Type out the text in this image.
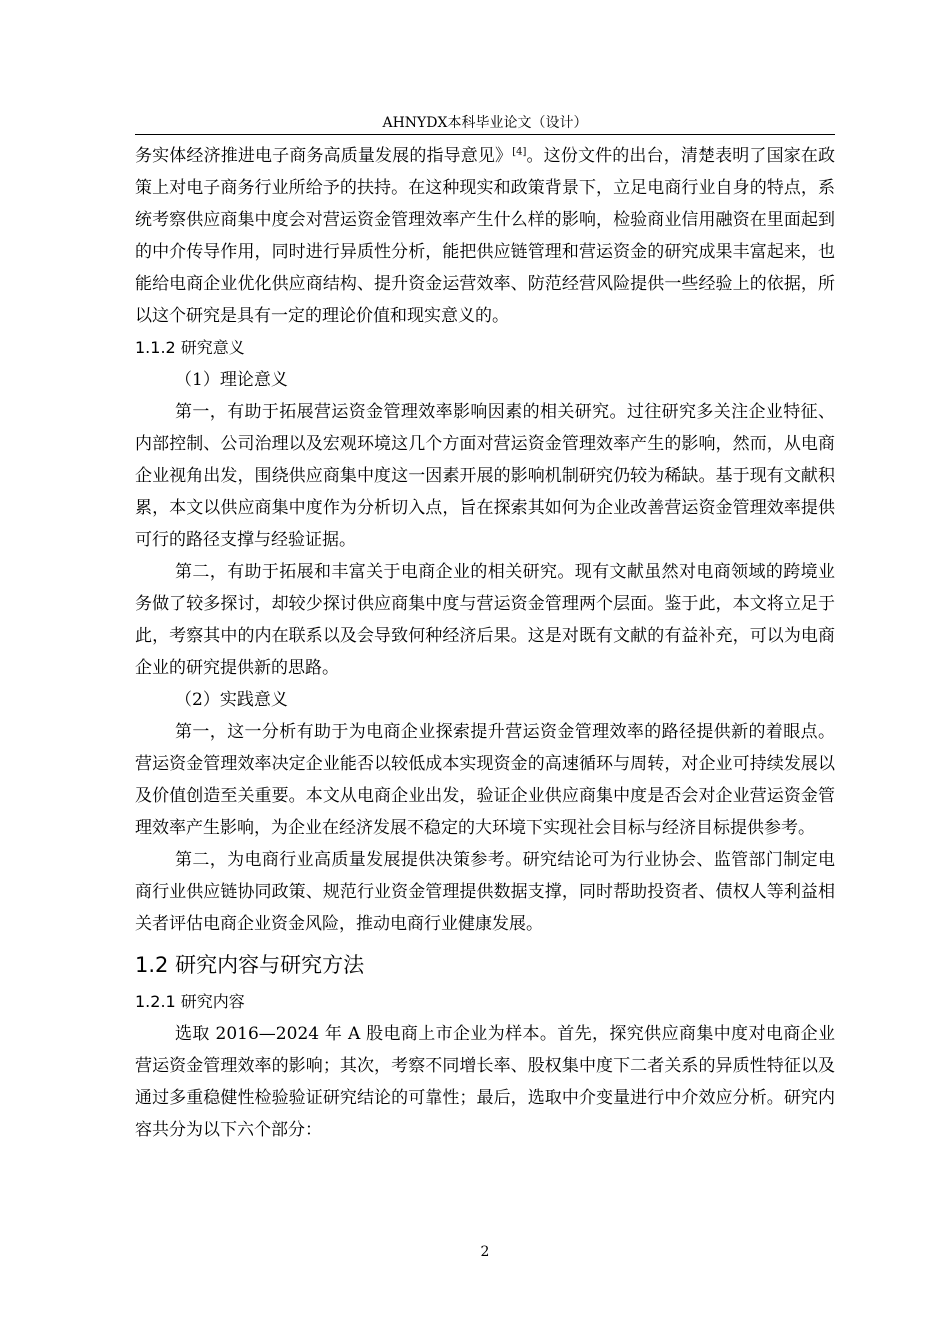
AHNYDX本科毕业论文（设计）

务实体经济推进电子商务高质量发展的指导意见》[4]。这份文件的出台，清楚表明了国家在政策上对电子商务行业所给予的扶持。在这种现实和政策背景下，立足电商行业自身的特点，系统考察供应商集中度会对营运资金管理效率产生什么样的影响，检验商业信用融资在里面起到的中介传导作用，同时进行异质性分析，能把供应链管理和营运资金的研究成果丰富起来，也能给电商企业优化供应商结构、提升资金运营效率、防范经营风险提供一些经验上的依据，所以这个研究是具有一定的理论价值和现实意义的。

1.1.2 研究意义

（1）理论意义

第一，有助于拓展营运资金管理效率影响因素的相关研究。过往研究多关注企业特征、内部控制、公司治理以及宏观环境这几个方面对营运资金管理效率产生的影响，然而，从电商企业视角出发，围绕供应商集中度这一因素开展的影响机制研究仍较为稀缺。基于现有文献积累，本文以供应商集中度作为分析切入点，旨在探索其如何为企业改善营运资金管理效率提供可行的路径支撑与经验证据。

第二，有助于拓展和丰富关于电商企业的相关研究。现有文献虽然对电商领域的跨境业务做了较多探讨，却较少探讨供应商集中度与营运资金管理两个层面。鉴于此，本文将立足于此，考察其中的内在联系以及会导致何种经济后果。这是对既有文献的有益补充，可以为电商企业的研究提供新的思路。

（2）实践意义

第一，这一分析有助于为电商企业探索提升营运资金管理效率的路径提供新的着眼点。营运资金管理效率决定企业能否以较低成本实现资金的高速循环与周转，对企业可持续发展以及价值创造至关重要。本文从电商企业出发，验证企业供应商集中度是否会对企业营运资金管理效率产生影响，为企业在经济发展不稳定的大环境下实现社会目标与经济目标提供参考。

第二，为电商行业高质量发展提供决策参考。研究结论可为行业协会、监管部门制定电商行业供应链协同政策、规范行业资金管理提供数据支撑，同时帮助投资者、债权人等利益相关者评估电商企业资金风险，推动电商行业健康发展。

1.2 研究内容与研究方法
1.2.1 研究内容

选取 2016—2024 年 A 股电商上市企业为样本。首先，探究供应商集中度对电商企业营运资金管理效率的影响；其次，考察不同增长率、股权集中度下二者关系的异质性特征以及通过多重稳健性检验验证研究结论的可靠性；最后，选取中介变量进行中介效应分析。研究内容共分为以下六个部分：

2
